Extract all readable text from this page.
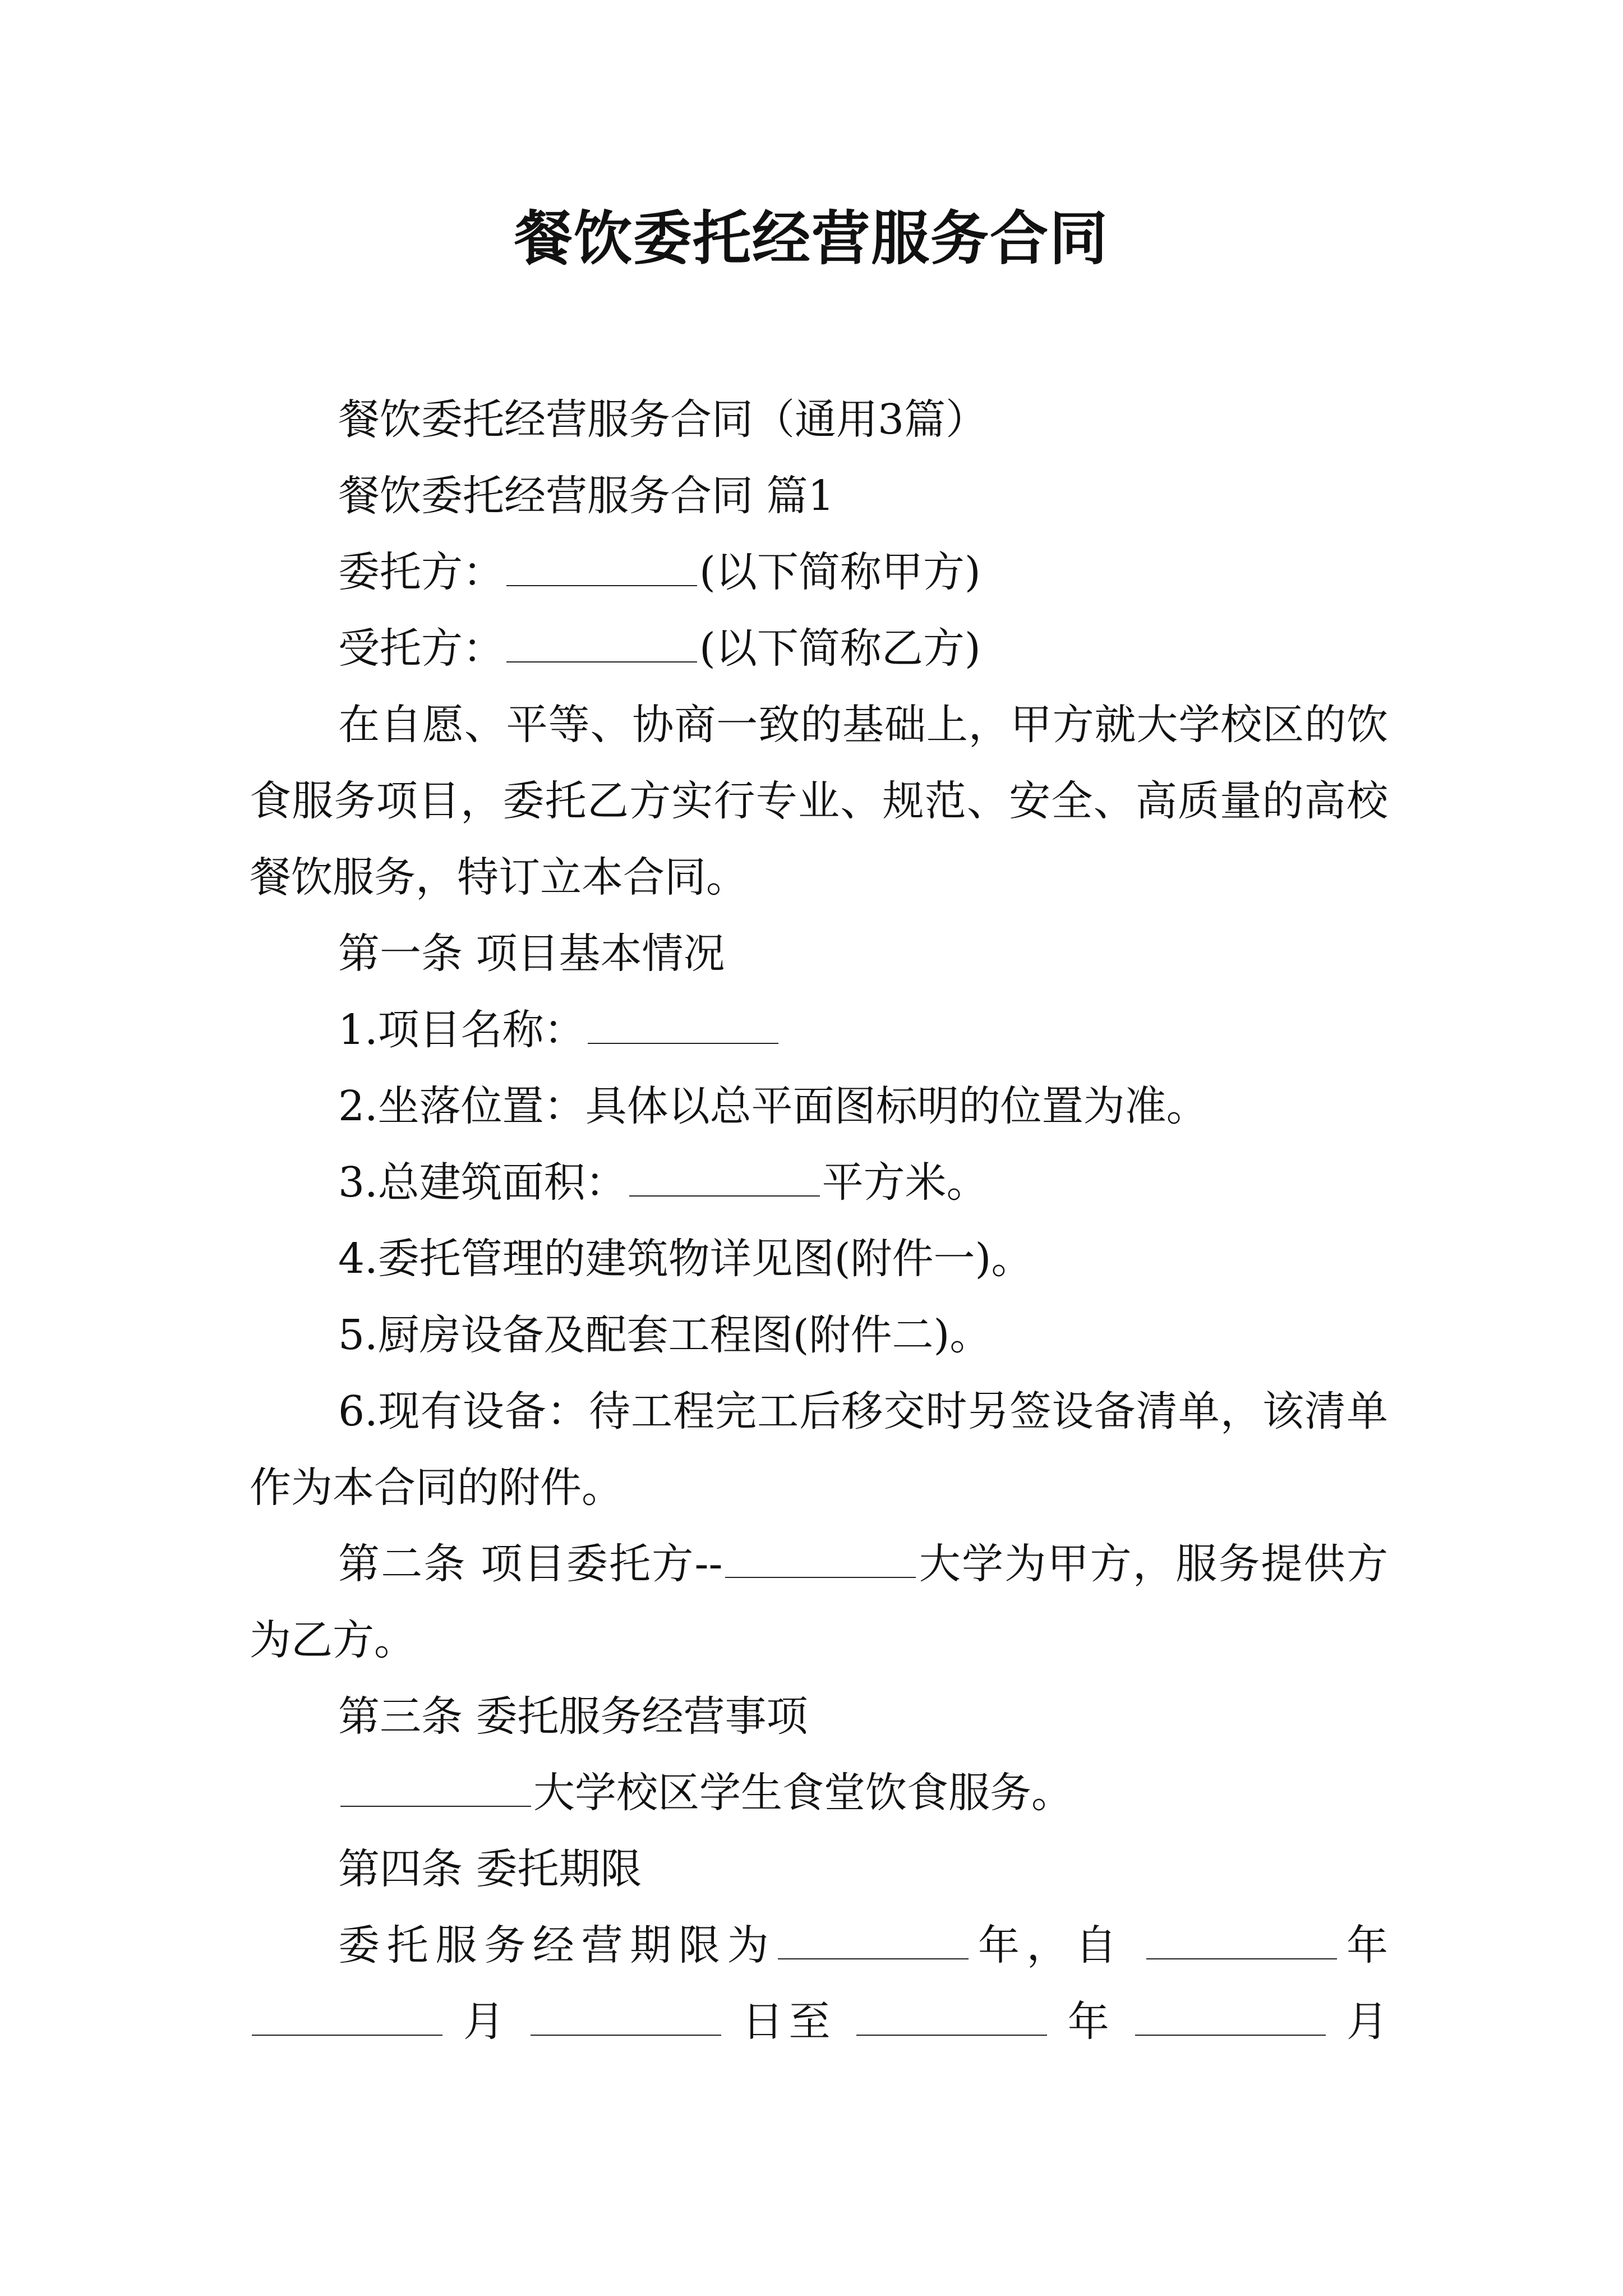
餐饮委托经营服务合同

餐饮委托经营服务合同（通用3篇）

餐饮委托经营服务合同 篇1

委托方：	(以下简称甲方)

受托方：	(以下简称乙方)

在自愿、平等、协商一致的基础上，甲方就大学校区的饮食服务项目，委托乙方实行专业、规范、安全、高质量的高校餐饮服务，特订立本合同。

第一条 项目基本情况

1.项目名称：

2.坐落位置：具体以总平面图标明的位置为准。

3.总建筑面积：	平方米。

4.委托管理的建筑物详见图(附件一)。

5.厨房设备及配套工程图(附件二)。

6.现有设备：待工程完工后移交时另签设备清单，该清单作为本合同的附件。

第二条 项目委托方--	大学为甲方，服务提供方为乙方。

第三条 委托服务经营事项

大学校区学生食堂饮食服务。

第四条 委托期限

委托服务经营期限为	年，自	年  月	日至	年	月
